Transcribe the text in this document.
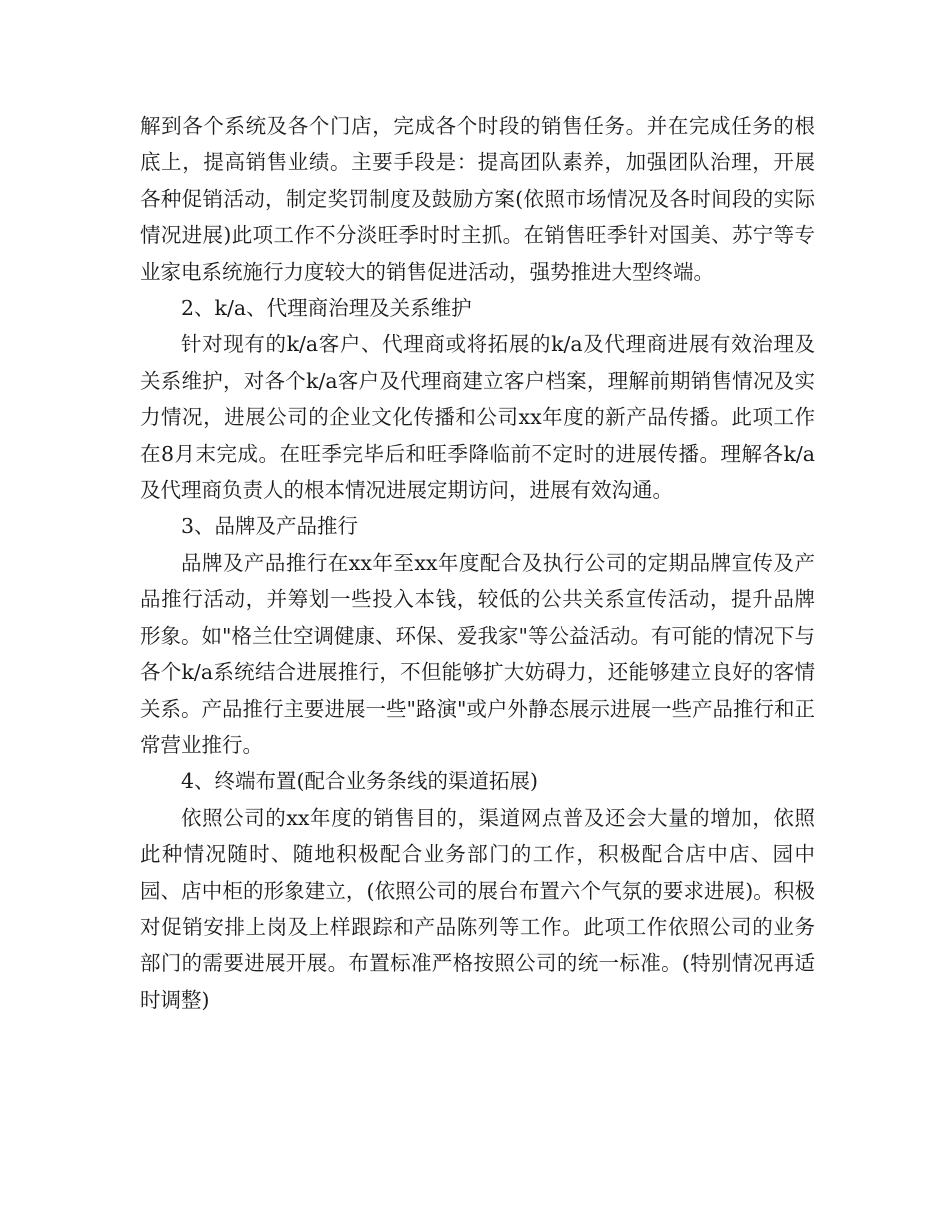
解到各个系统及各个门店，完成各个时段的销售任务。并在完成任务的根底上，提高销售业绩。主要手段是：提高团队素养，加强团队治理，开展各种促销活动，制定奖罚制度及鼓励方案(依照市场情况及各时间段的实际情况进展)此项工作不分淡旺季时时主抓。在销售旺季针对国美、苏宁等专业家电系统施行力度较大的销售促进活动，强势推进大型终端。

2、k/a、代理商治理及关系维护

针对现有的k/a客户、代理商或将拓展的k/a及代理商进展有效治理及关系维护，对各个k/a客户及代理商建立客户档案，理解前期销售情况及实力情况，进展公司的企业文化传播和公司xx年度的新产品传播。此项工作在8月末完成。在旺季完毕后和旺季降临前不定时的进展传播。理解各k/a及代理商负责人的根本情况进展定期访问，进展有效沟通。

3、品牌及产品推行

品牌及产品推行在xx年至xx年度配合及执行公司的定期品牌宣传及产品推行活动，并筹划一些投入本钱，较低的公共关系宣传活动，提升品牌形象。如"格兰仕空调健康、环保、爱我家"等公益活动。有可能的情况下与各个k/a系统结合进展推行，不但能够扩大妨碍力，还能够建立良好的客情关系。产品推行主要进展一些"路演"或户外静态展示进展一些产品推行和正常营业推行。

4、终端布置(配合业务条线的渠道拓展)

依照公司的xx年度的销售目的，渠道网点普及还会大量的增加，依照此种情况随时、随地积极配合业务部门的工作，积极配合店中店、园中园、店中柜的形象建立，(依照公司的展台布置六个气氛的要求进展)。积极对促销安排上岗及上样跟踪和产品陈列等工作。此项工作依照公司的业务部门的需要进展开展。布置标准严格按照公司的统一标准。(特别情况再适时调整)
